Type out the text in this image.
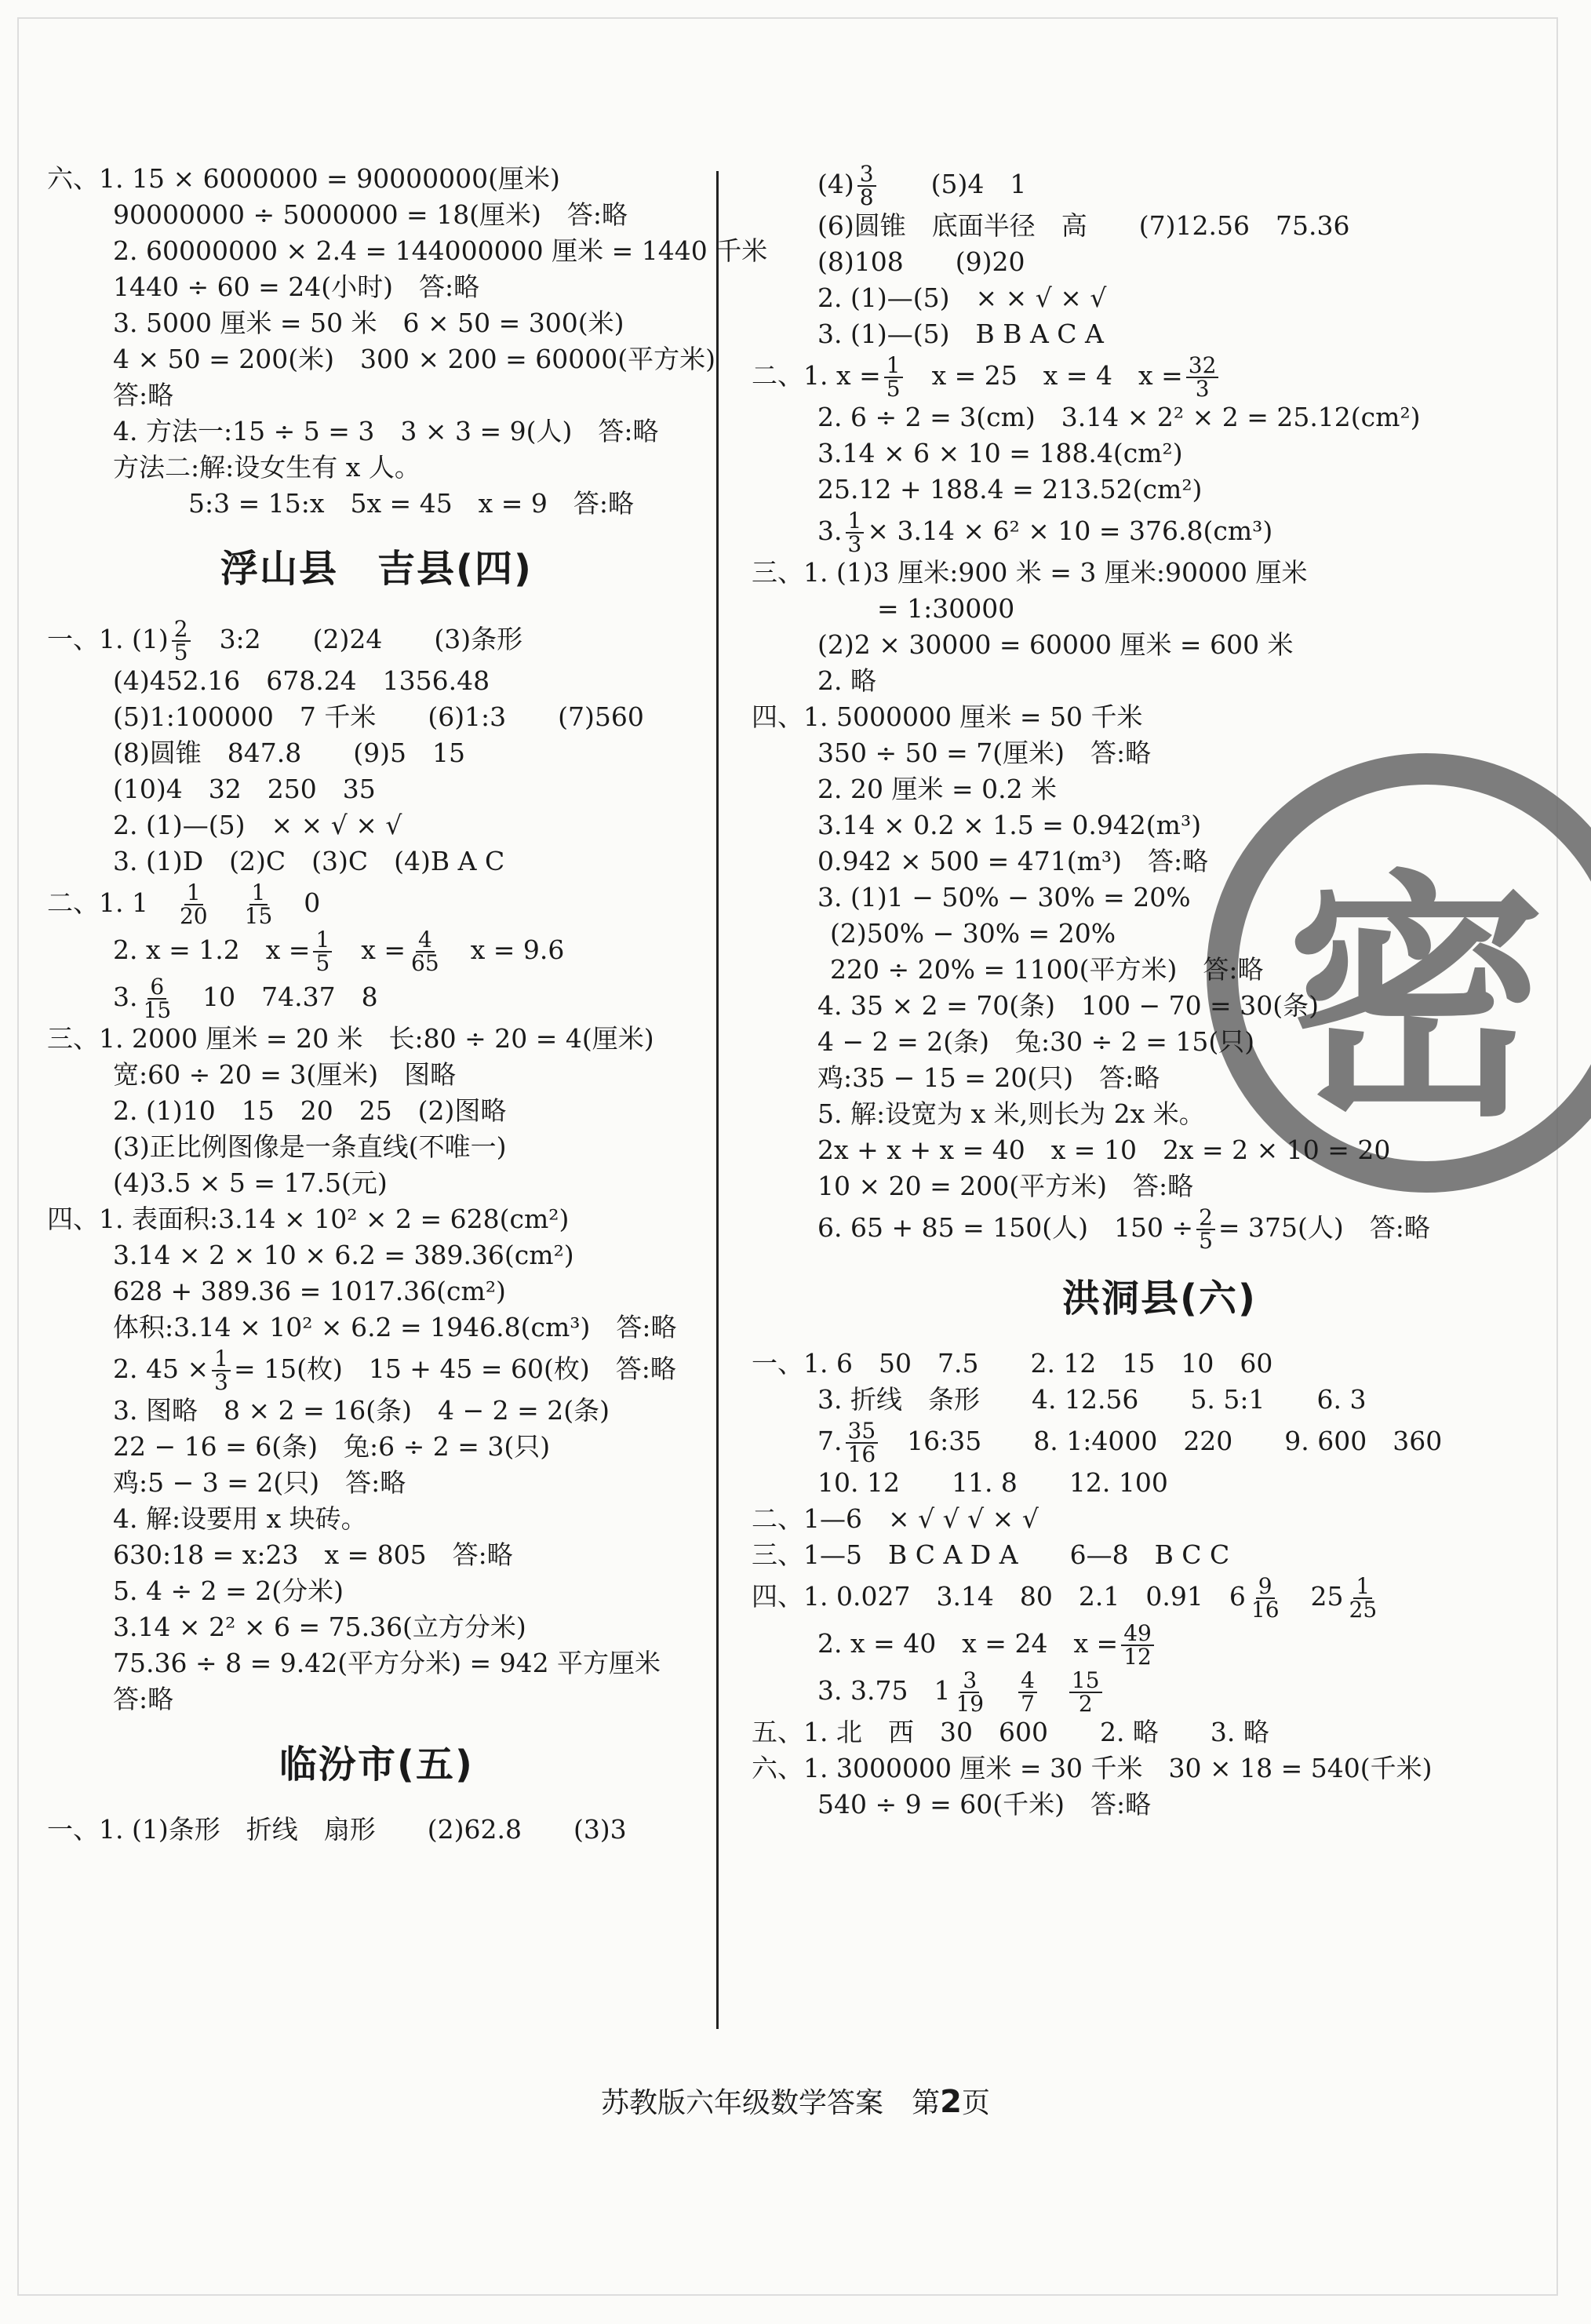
密
六、1. 15 × 6000000 = 90000000(厘米)
90000000 ÷ 5000000 = 18(厘米)　答:略
2. 60000000 × 2.4 = 144000000 厘米 = 1440 千米
1440 ÷ 60 = 24(小时)　答:略
3. 5000 厘米 = 50 米　6 × 50 = 300(米)
4 × 50 = 200(米)　300 × 200 = 60000(平方米)
答:略
4. 方法一:15 ÷ 5 = 3　3 × 3 = 9(人)　答:略
方法二:解:设女生有 x 人。
5:3 = 15:x　5x = 45　x = 9　答:略
浮山县　吉县(四)
一、1. $(1) \frac{2}{5}$
　 3:2　　(2)24　　(3)条形
(4)452.16　678.24　1356.48
(5)1:100000　7 千米　　(6)1:3　　(7)560
(8)圆锥　847.8　　(9)5　15
(10)4　32　250　35
2. (1)—(5)　× × √ × √
3. (1)D　(2)C　(3)C　(4)B A C
二、1. 1　 $\frac{1}{20}$
　 $\frac{1}{15}$
　 0
2. x = 1.2　$x = \frac{1}{5}$
　 $x = \frac{4}{65}$
　 x = 9.6
3. $\frac{6}{15}$
　 10　74.37　8
三、1. 2000 厘米 = 20 米　长:80 ÷ 20 = 4(厘米)
宽:60 ÷ 20 = 3(厘米)　图略
2. (1)10　15　20　25　(2)图略
(3)正比例图像是一条直线(不唯一)
(4)3.5 × 5 = 17.5(元)
四、1. 表面积:3.14 × 10² × 2 = 628(cm²)
3.14 × 2 × 10 × 6.2 = 389.36(cm²)
628 + 389.36 = 1017.36(cm²)
体积:3.14 × 10² × 6.2 = 1946.8(cm³)　答:略
2. $45 \times \frac{1}{3} = 15$(枚)　15 + 45 = 60(枚)　答:略
3. 图略　8 × 2 = 16(条)　4 − 2 = 2(条)
22 − 16 = 6(条)　兔:6 ÷ 2 = 3(只)
鸡:5 − 3 = 2(只)　答:略
4. 解:设要用 x 块砖。
630:18 = x:23　x = 805　答:略
5. 4 ÷ 2 = 2(分米)
3.14 × 2² × 6 = 75.36(立方分米)
75.36 ÷ 8 = 9.42(平方分米) = 942 平方厘米
答:略
临汾市(五)
一、1. (1)条形　折线　扇形　　(2)62.8　　(3)3
$(4) \frac{3}{8}$
　　 (5)4　1
(6)圆锥　底面半径　高　　(7)12.56　75.36
(8)108　　(9)20
2. (1)—(5)　× × √ × √
3. (1)—(5)　B B A C A
二、1. $x = \frac{1}{5}$
　 x = 25　x = 4　$x = \frac{32}{3}$
2. 6 ÷ 2 = 3(cm)　3.14 × 2² × 2 = 25.12(cm²)
3.14 × 6 × 10 = 188.4(cm²)
25.12 + 188.4 = 213.52(cm²)
3. $\frac{1}{3} \times 3.14 \times 6^2 \times 10 = 376.8(cm^3)$
三、1. (1)3 厘米:900 米 = 3 厘米:90000 厘米
= 1:30000
(2)2 × 30000 = 60000 厘米 = 600 米
2. 略
四、1. 5000000 厘米 = 50 千米
350 ÷ 50 = 7(厘米)　答:略
2. 20 厘米 = 0.2 米
3.14 × 0.2 × 1.5 = 0.942(m³)
0.942 × 500 = 471(m³)　答:略
3. (1)1 − 50% − 30% = 20%
(2)50% − 30% = 20%
220 ÷ 20% = 1100(平方米)　答:略
4. 35 × 2 = 70(条)　100 − 70 = 30(条)
4 − 2 = 2(条)　兔:30 ÷ 2 = 15(只)
鸡:35 − 15 = 20(只)　答:略
5. 解:设宽为 x 米,则长为 2x 米。
2x + x + x = 40　x = 10　2x = 2 × 10 = 20
10 × 20 = 200(平方米)　答:略
6. 65 + 85 = 150(人)　$150 \div \frac{2}{5} = 375$(人)　答:略
洪洞县(六)
一、1. 6　50　7.5　　2. 12　15　10　60
3. 折线　条形　　4. 12.56　　5. 5:1　　6. 3
7. $\frac{35}{16}$
　 16:35　　8. 1:4000　220　　9. 600　360
10. 12　　11. 8　　12. 100
二、1—6　× √ √ √ × √
三、1—5　B C A D A　　6—8　B C C
四、1. 0.027　3.14　80　2.1　0.91　$6 \frac{9}{16}$
　 $25 \frac{1}{25}$
2. x = 40　x = 24　$x = \frac{49}{12}$
3. 3.75　$1 \frac{3}{19}$
　 $\frac{4}{7}$
　 $\frac{15}{2}$
五、1. 北　西　30　600　　2. 略　　3. 略
六、1. 3000000 厘米 = 30 千米　30 × 18 = 540(千米)
540 ÷ 9 = 60(千米)　答:略
苏教版六年级数学答案　 第2页
